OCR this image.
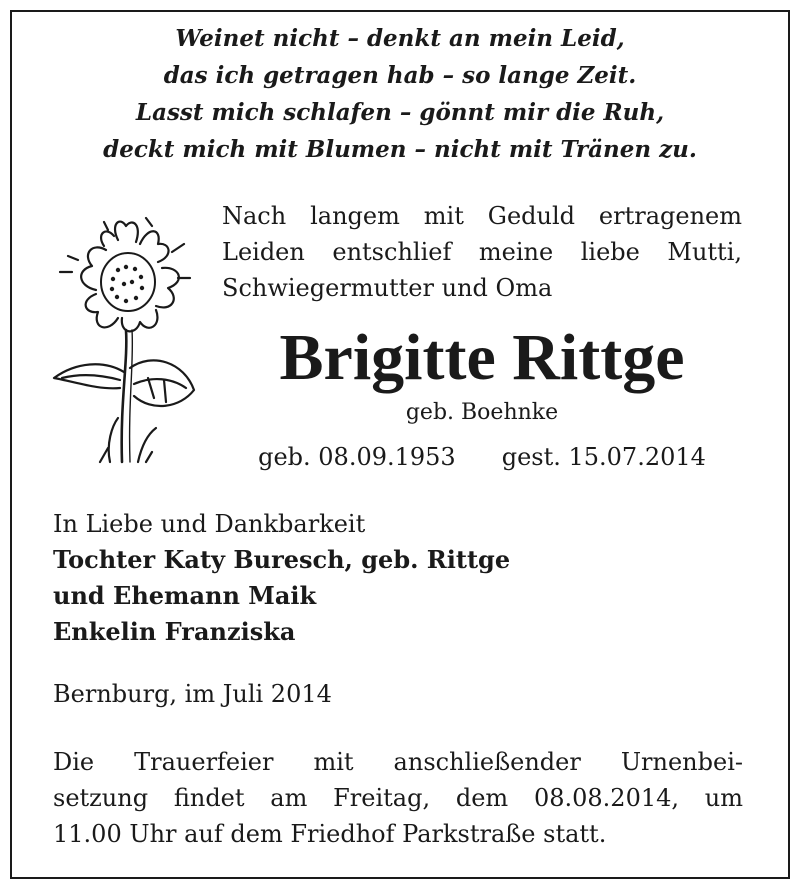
Weinet nicht – denkt an mein Leid,
das ich getragen hab – so lange Zeit.
Lasst mich schlafen – gönnt mir die Ruh,
deckt mich mit Blumen – nicht mit Tränen zu.
Nach langem mit Geduld ertragenem
Leiden entschlief meine liebe Mutti,
Schwiegermutter und Oma
Brigitte Rittge
geb. Boehnke
geb. 08.09.1953 gest. 15.07.2014
In Liebe und Dankbarkeit
Tochter Katy Buresch, geb. Rittge
und Ehemann Maik
Enkelin Franziska
Bernburg, im Juli 2014
Die Trauerfeier mit anschließender Urnenbei-
setzung findet am Freitag, dem 08.08.2014, um
11.00 Uhr auf dem Friedhof Parkstraße statt.
